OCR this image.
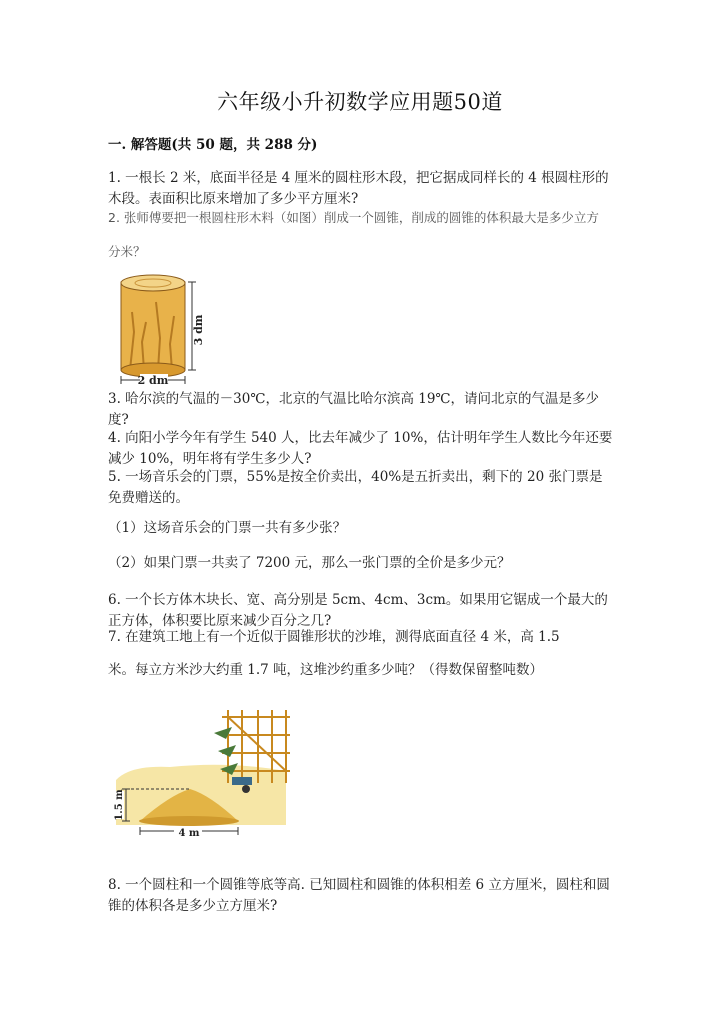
六年级小升初数学应用题50道
一. 解答题(共 50 题，共 288 分)
1. 一根长 2 米，底面半径是 4 厘米的圆柱形木段，把它据成同样长的 4 根圆柱形的木段。表面积比原来增加了多少平方厘米?
2. 张师傅要把一根圆柱形木料（如图）削成一个圆锥，削成的圆锥的体积最大是多少立方
分米？
3 dm
2 dm
3. 哈尔滨的气温的－30℃，北京的气温比哈尔滨高 19℃，请问北京的气温是多少度?
4. 向阳小学今年有学生 540 人，比去年减少了 10%，估计明年学生人数比今年还要减少 10%，明年将有学生多少人?
5. 一场音乐会的门票，55%是按全价卖出，40%是五折卖出，剩下的 20 张门票是免费赠送的。
（1）这场音乐会的门票一共有多少张？
（2）如果门票一共卖了 7200 元，那么一张门票的全价是多少元？
6. 一个长方体木块长、宽、高分别是 5cm、4cm、3cm。如果用它锯成一个最大的正方体，体积要比原来减少百分之几?
7. 在建筑工地上有一个近似于圆锥形状的沙堆，测得底面直径 4 米，高 1.5
米。每立方米沙大约重 1.7 吨，这堆沙约重多少吨？（得数保留整吨数）
1.5 m
4 m
8. 一个圆柱和一个圆锥等底等高. 已知圆柱和圆锥的体积相差 6 立方厘米，圆柱和圆锥的体积各是多少立方厘米?
